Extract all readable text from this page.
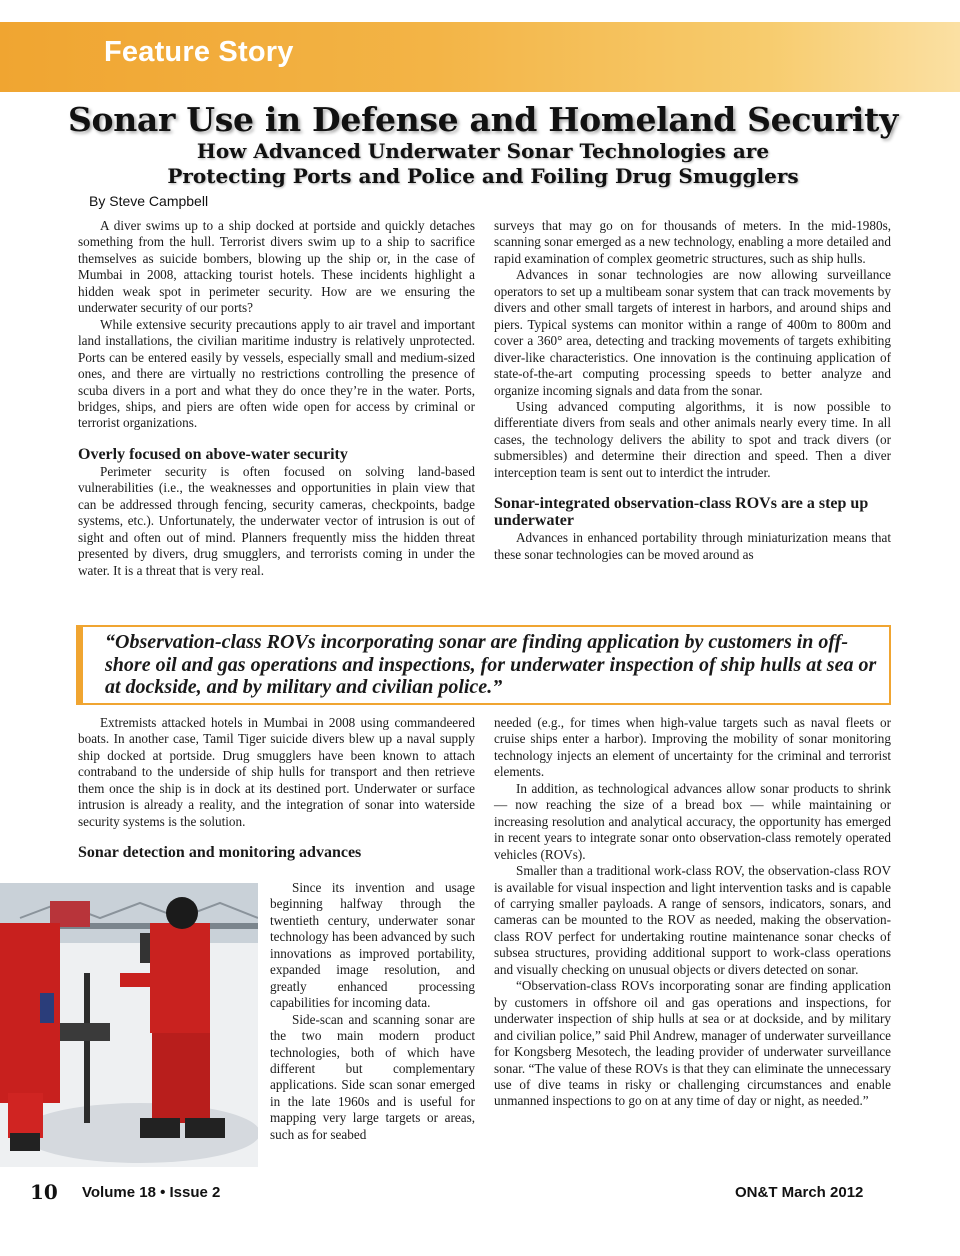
Feature Story
Sonar Use in Defense and Homeland Security
How Advanced Underwater Sonar Technologies are
Protecting Ports and Police and Foiling Drug Smugglers
By Steve Campbell

A diver swims up to a ship docked at portside and quickly detaches something from the hull. Terrorist divers swim up to a ship to sacrifice themselves as suicide bombers, blowing up the ship or, in the case of Mumbai in 2008, attacking tourist hotels. These incidents highlight a hidden weak spot in perimeter security. How are we ensuring the underwater security of our ports?

While extensive security precautions apply to air travel and important land installations, the civilian maritime industry is relatively unprotected. Ports can be entered easily by vessels, especially small and medium-sized ones, and there are virtually no restrictions controlling the presence of scuba divers in a port and what they do once they’re in the water. Ports, bridges, ships, and piers are often wide open for access by criminal or terrorist organizations.

Overly focused on above-water security

Perimeter security is often focused on solving land-based vulnerabilities (i.e., the weaknesses and opportunities in plain view that can be addressed through fencing, security cameras, checkpoints, badge systems, etc.). Unfortunately, the underwater vector of intrusion is out of sight and often out of mind. Planners frequently miss the hidden threat presented by divers, drug smugglers, and terrorists coming in under the water. It is a threat that is very real.

surveys that may go on for thousands of meters. In the mid-1980s, scanning sonar emerged as a new technology, enabling a more detailed and rapid examination of complex geometric structures, such as ship hulls.

Advances in sonar technologies are now allowing surveillance operators to set up a multibeam sonar system that can track movements by divers and other small targets of interest in harbors, and around ships and piers. Typical systems can monitor within a range of 400m to 800m and cover a 360° area, detecting and tracking movements of targets exhibiting diver-like characteristics. One innovation is the continuing application of state-of-the-art computing processing speeds to better analyze and organize incoming signals and data from the sonar.

Using advanced computing algorithms, it is now possible to differentiate divers from seals and other animals nearly every time. In all cases, the technology delivers the ability to spot and track divers (or submersibles) and determine their direction and speed. Then a diver interception team is sent out to interdict the intruder.

Sonar-integrated observation-class ROVs are a step up underwater

Advances in enhanced portability through miniaturization means that these sonar technologies can be moved around as

“Observation-class ROVs incorporating sonar are finding application by customers in off-shore oil and gas operations and inspections, for underwater inspection of ship hulls at sea or at dockside, and by military and civilian police.”

Extremists attacked hotels in Mumbai in 2008 using commandeered boats. In another case, Tamil Tiger suicide divers blew up a naval supply ship docked at portside. Drug smugglers have been known to attach contraband to the underside of ship hulls for transport and then retrieve them once the ship is in dock at its destined port. Underwater or surface intrusion is already a reality, and the integration of sonar into waterside security systems is the solution.

Sonar detection and monitoring advances

Since its invention and usage beginning halfway through the twentieth century, underwater sonar technology has been advanced by such innovations as improved portability, expanded image resolution, and greatly enhanced processing capabilities for incoming data.

Side-scan and scanning sonar are the two main modern product technologies, both of which have different but complementary applications. Side scan sonar emerged in the late 1960s and is useful for mapping very large targets or areas, such as for seabed

needed (e.g., for times when high-value targets such as naval fleets or cruise ships enter a harbor). Improving the mobility of sonar monitoring technology injects an element of uncertainty for the criminal and terrorist elements.

In addition, as technological advances allow sonar products to shrink — now reaching the size of a bread box — while maintaining or increasing resolution and analytical accuracy, the opportunity has emerged in recent years to integrate sonar onto observation-class remotely operated vehicles (ROVs).

Smaller than a traditional work-class ROV, the observation-class ROV is available for visual inspection and light intervention tasks and is capable of carrying smaller payloads. A range of sensors, indicators, sonars, and cameras can be mounted to the ROV as needed, making the observation-class ROV perfect for undertaking routine maintenance sonar checks of subsea structures, providing additional support to work-class operations and visually checking on unusual objects or divers detected on sonar.

“Observation-class ROVs incorporating sonar are finding application by customers in offshore oil and gas operations and inspections, for underwater inspection of ship hulls at sea or at dockside, and by military and civilian police,” said Phil Andrew, manager of underwater surveillance for Kongsberg Mesotech, the leading provider of underwater surveillance sonar. “The value of these ROVs is that they can eliminate the unnecessary use of dive teams in risky or challenging circumstances and enable unmanned inspections to go on at any time of day or night, as needed.”

10 Volume 18 • Issue 2	ON&T March 2012
